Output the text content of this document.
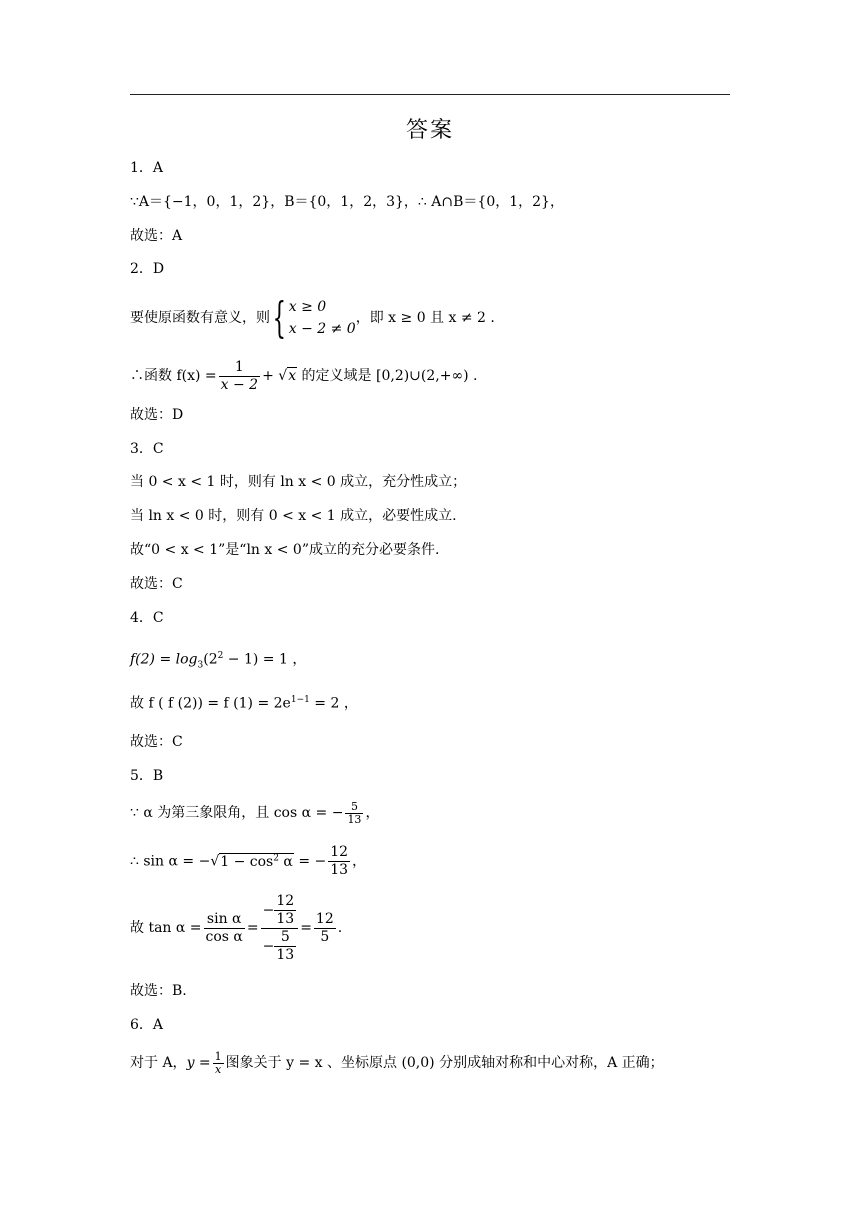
答案
1．A
∵A＝{−1，0，1，2}，B＝{0，1，2，3}，∴ A∩B＝{0，1，2}，
故选：A
2．D
要使原函数有意义，则{ x ≥ 0
x − 2 ≠ 0
，即 x ≥ 0 且 x ≠ 2 .
∴函数 $f(x) = \frac{1}{x - 2} + √x$ 的定义域是 [0,2)∪(2,+∞) .
故选：D
3．C
当 0 < x < 1 时，则有 ln x < 0 成立，充分性成立；
当 ln x < 0 时，则有 0 < x < 1 成立，必要性成立.
故“0 < x < 1”是“ln x < 0”成立的充分必要条件.
故选：C
4．C
$f(2) = \log_3(2^2 - 1) = 1$ ，
故 f ( f (2)) = f $(1) = 2e^{1-1} = 2$ ，
故选：C
5．B
∵ α 为第三象限角，且 cos α = − $\frac{5}{13}$ ，
∴ $\sin \alpha = -√1 - \cos^2 \alpha$ = − $\frac{12}{13}$ ，
故 $\tan \alpha = \frac{\text{sin α}}{\text{cos α}} = \frac{- \frac{12}{13}}{- \frac{5}{13}} = \frac{12}{5}$ .
故选：B.
6．A
对于 A，$y = \frac{1}{x}$ 图象关于 y = x 、坐标原点 (0,0) 分别成轴对称和中心对称，A 正确；
